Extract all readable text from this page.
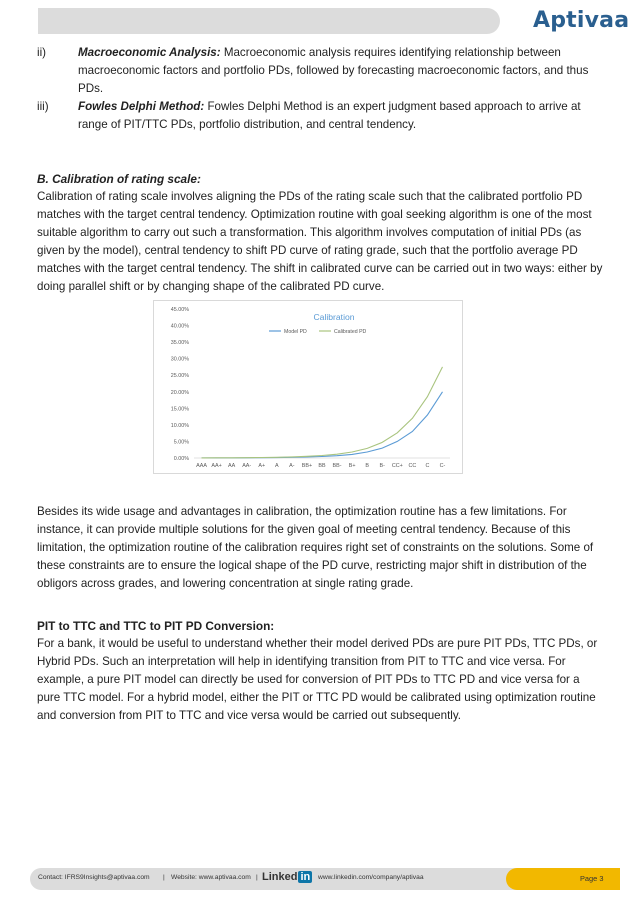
Aptivaa
ii)	Macroeconomic Analysis: Macroeconomic analysis requires identifying relationship between macroeconomic factors and portfolio PDs, followed by forecasting macroeconomic factors, and thus PDs.
iii)	Fowles Delphi Method: Fowles Delphi Method is an expert judgment based approach to arrive at range of PIT/TTC PDs, portfolio distribution, and central tendency.
B. Calibration of rating scale:
Calibration of rating scale involves aligning the PDs of the rating scale such that the calibrated portfolio PD matches with the target central tendency. Optimization routine with goal seeking algorithm is one of the most suitable algorithm to carry out such a transformation. This algorithm involves computation of initial PDs (as given by the model), central tendency to shift PD curve of rating grade, such that the portfolio average PD matches with the target central tendency. The shift in calibrated curve can be carried out in two ways: either by doing parallel shift or by changing shape of the calibrated PD curve.
Besides its wide usage and advantages in calibration, the optimization routine has a few limitations. For instance, it can provide multiple solutions for the given goal of meeting central tendency. Because of this limitation, the optimization routine of the calibration requires right set of constraints on the solutions. Some of these constraints are to ensure the logical shape of the PD curve, restricting major shift in distribution of the obligors across grades, and lowering concentration at single rating grade.
PIT to TTC and TTC to PIT PD Conversion:
For a bank, it would be useful to understand whether their model derived PDs are pure PIT PDs, TTC PDs, or Hybrid PDs. Such an interpretation will help in identifying transition from PIT to TTC and vice versa. For example, a pure PIT model can directly be used for conversion of PIT PDs to TTC PD and vice versa for a pure TTC model. For a hybrid model, either the PIT or TTC PD would be calibrated using optimization routine and conversion from PIT to TTC and vice versa would be carried out subsequently.
0.00%
5.00%
10.00%
15.00%
20.00%
25.00%
30.00%
35.00%
40.00%
45.00%
AAA AA+ AA AA- A+ A A- BB+ BB BB- B+ B B- CC+ CC C C-
Calibration
Model PD	Calibrated PD
Contact: IFRS9Insights@aptivaa.com | Website: www.aptivaa.com | Linked in www.linkedin.com/company/aptivaa	Page 3
